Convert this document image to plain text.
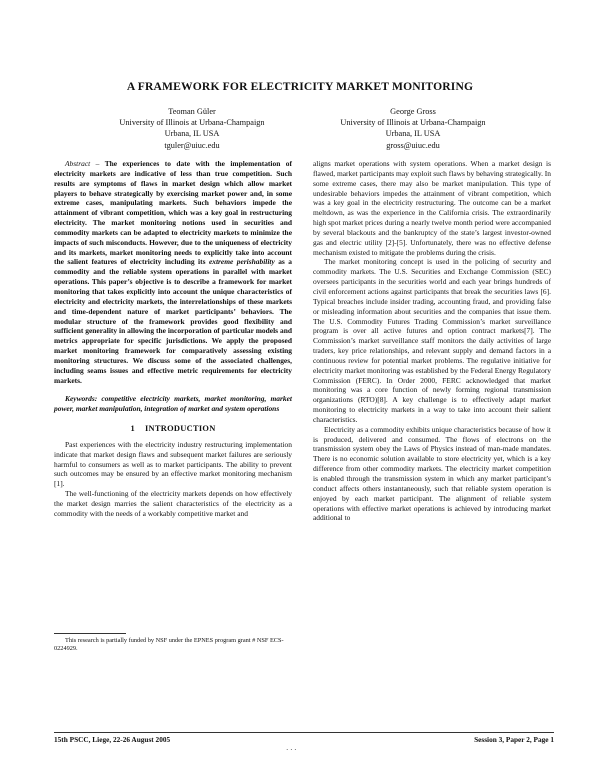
A FRAMEWORK FOR ELECTRICITY MARKET MONITORING
Teoman Güler
University of Illinois at Urbana-Champaign
Urbana, IL USA
tguler@uiuc.edu
George Gross
University of Illinois at Urbana-Champaign
Urbana, IL USA
gross@uiuc.edu

Abstract – The experiences to date with the implementation of electricity markets are indicative of less than true competition. Such results are symptoms of flaws in market design which allow market players to behave strategically by exercising market power and, in some extreme cases, manipulating markets. Such behaviors impede the attainment of vibrant competition, which was a key goal in restructuring electricity. The market monitoring notions used in securities and commodity markets can be adapted to electricity markets to minimize the impacts of such misconducts. However, due to the uniqueness of electricity and its markets, market monitoring needs to explicitly take into account the salient features of electricity including its extreme perishability as a commodity and the reliable system operations in parallel with market operations. This paper’s objective is to describe a framework for market monitoring that takes explicitly into account the unique characteristics of electricity and electricity markets, the interrelationships of these markets and time-dependent nature of market participants’ behaviors. The modular structure of the framework provides good flexibility and sufficient generality in allowing the incorporation of particular models and metrics appropriate for specific jurisdictions. We apply the proposed market monitoring framework for comparatively assessing existing monitoring structures. We discuss some of the associated challenges, including seams issues and effective metric requirements for electricity markets.

Keywords: competitive electricity markets, market monitoring, market power, market manipulation, integration of market and system operations

1 INTRODUCTION

Past experiences with the electricity industry restructuring implementation indicate that market design flaws and subsequent market failures are seriously harmful to consumers as well as to market participants. The ability to prevent such outcomes may be ensured by an effective market monitoring mechanism [1].

The well-functioning of the electricity markets depends on how effectively the market design marries the salient characteristics of the electricity as a commodity with the needs of a workably competitive market and

This research is partially funded by NSF under the EPNES program grant # NSF ECS-0224929.

aligns market operations with system operations. When a market design is flawed, market participants may exploit such flaws by behaving strategically. In some extreme cases, there may also be market manipulation. This type of undesirable behaviors impedes the attainment of vibrant competition, which was a key goal in the electricity restructuring. The outcome can be a market meltdown, as was the experience in the California crisis. The extraordinarily high spot market prices during a nearly twelve month period were accompanied by several blackouts and the bankruptcy of the state’s largest investor-owned gas and electric utility [2]-[5]. Unfortunately, there was no effective defense mechanism existed to mitigate the problems during the crisis.

The market monitoring concept is used in the policing of security and commodity markets. The U.S. Securities and Exchange Commission (SEC) oversees participants in the securities world and each year brings hundreds of civil enforcement actions against participants that break the securities laws [6]. Typical breaches include insider trading, accounting fraud, and providing false or misleading information about securities and the companies that issue them. The U.S. Commodity Futures Trading Commission’s market surveillance program is over all active futures and option contract markets[7]. The Commission’s market surveillance staff monitors the daily activities of large traders, key price relationships, and relevant supply and demand factors in a continuous review for potential market problems. The regulative initiative for electricity market monitoring was established by the Federal Energy Regulatory Commission (FERC). In Order 2000, FERC acknowledged that market monitoring was a core function of newly forming regional transmission organizations (RTO)[8]. A key challenge is to effectively adapt market monitoring to electricity markets in a way to take into account their salient characteristics.

Electricity as a commodity exhibits unique characteristics because of how it is produced, delivered and consumed. The flows of electrons on the transmission system obey the Laws of Physics instead of man-made mandates. There is no economic solution available to store electricity yet, which is a key difference from other commodity markets. The electricity market competition is enabled through the transmission system in which any market participant’s conduct affects others instantaneously, such that reliable system operation is enjoyed by each market participant. The alignment of reliable system operations with effective market operations is achieved by introducing market additional to

15th PSCC, Liege, 22-26 August 2005	Session 3, Paper 2, Page 1
· · ·
